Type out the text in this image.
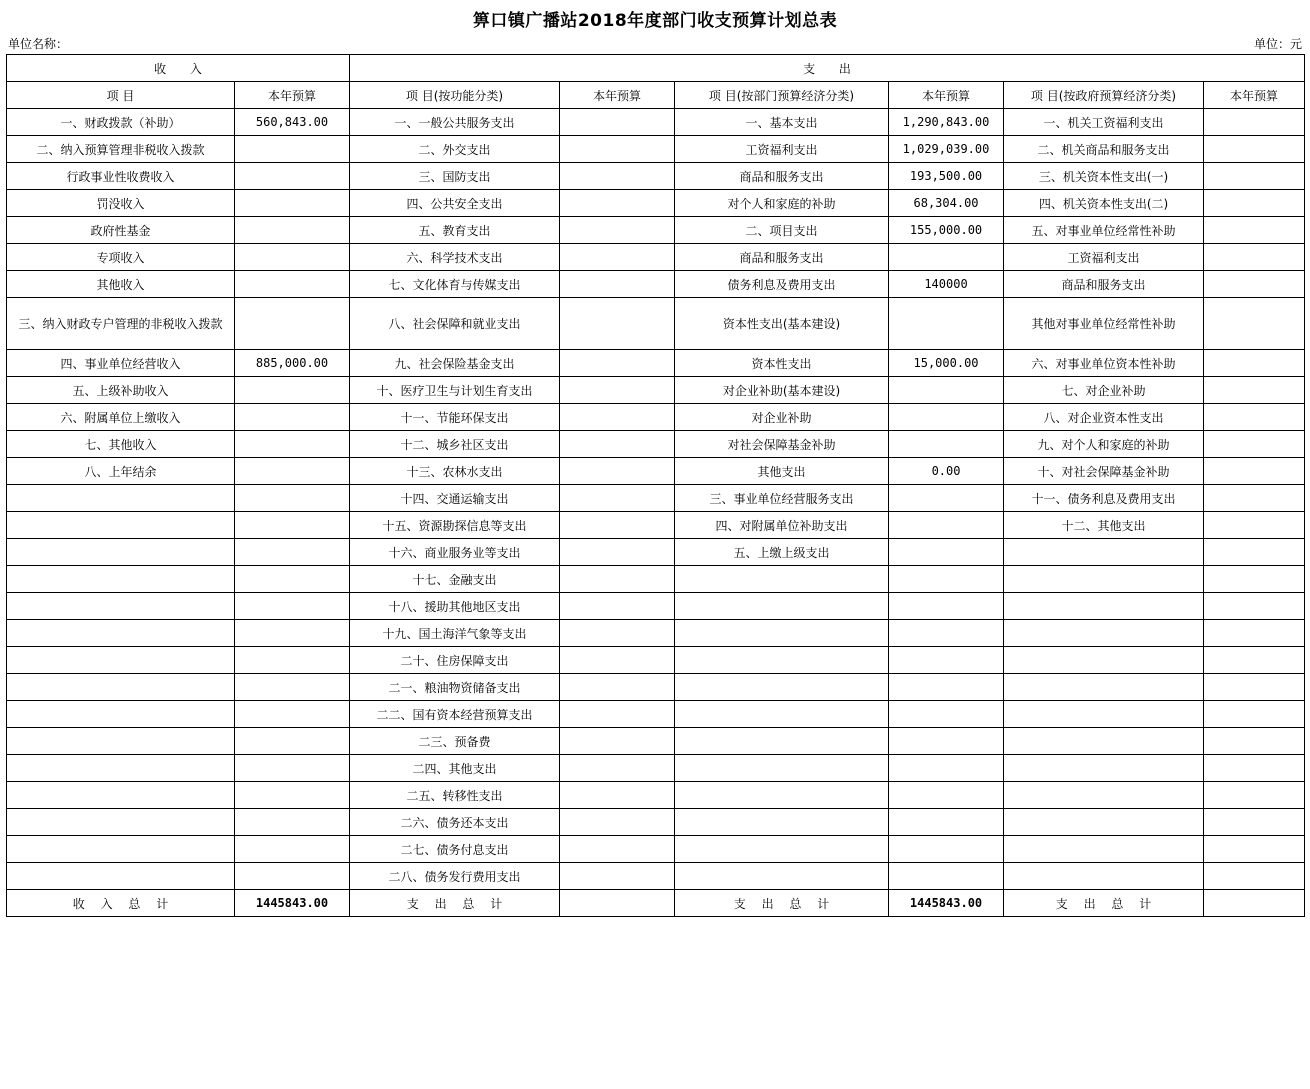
箅口镇广播站2018年度部门收支预算计划总表
单位名称：	单位：元
收 入		支 出					
项 目	本年预算	项 目(按功能分类)	本年预算	项 目(按部门预算经济分类)	本年预算	项 目(按政府预算经济分类)	本年预算
一、财政拨款（补助）	560,843.00	一、一般公共服务支出		一、基本支出	1,290,843.00	一、机关工资福利支出	
二、纳入预算管理非税收入拨款		二、外交支出		工资福利支出	1,029,039.00	二、机关商品和服务支出	
行政事业性收费收入		三、国防支出		商品和服务支出	193,500.00	三、机关资本性支出(一)	
罚没收入		四、公共安全支出		对个人和家庭的补助	68,304.00	四、机关资本性支出(二)	
政府性基金		五、教育支出		二、项目支出	155,000.00	五、对事业单位经常性补助	
专项收入		六、科学技术支出		商品和服务支出		工资福利支出	
其他收入		七、文化体育与传媒支出		债务利息及费用支出	140000	商品和服务支出	
三、纳入财政专户管理的非税收入拨款		八、社会保障和就业支出		资本性支出(基本建设)		其他对事业单位经常性补助	
四、事业单位经营收入	885,000.00	九、社会保险基金支出		资本性支出	15,000.00	六、对事业单位资本性补助	
五、上级补助收入		十、医疗卫生与计划生育支出		对企业补助(基本建设)		七、对企业补助	
六、附属单位上缴收入		十一、节能环保支出		对企业补助		八、对企业资本性支出	
七、其他收入		十二、城乡社区支出		对社会保障基金补助		九、对个人和家庭的补助	
八、上年结余		十三、农林水支出		其他支出	0.00	十、对社会保障基金补助	
		十四、交通运输支出		三、事业单位经营服务支出		十一、债务利息及费用支出	
		十五、资源勘探信息等支出		四、对附属单位补助支出		十二、其他支出	
		十六、商业服务业等支出		五、上缴上级支出			
		十七、金融支出					
		十八、援助其他地区支出					
		十九、国土海洋气象等支出					
		二十、住房保障支出					
		二一、粮油物资储备支出					
		二二、国有资本经营预算支出					
		二三、预备费					
		二四、其他支出					
		二五、转移性支出					
		二六、债务还本支出					
		二七、债务付息支出					
		二八、债务发行费用支出					
收 入 总 计	1445843.00	支 出 总 计		支 出 总 计	1445843.00	支 出 总 计	
